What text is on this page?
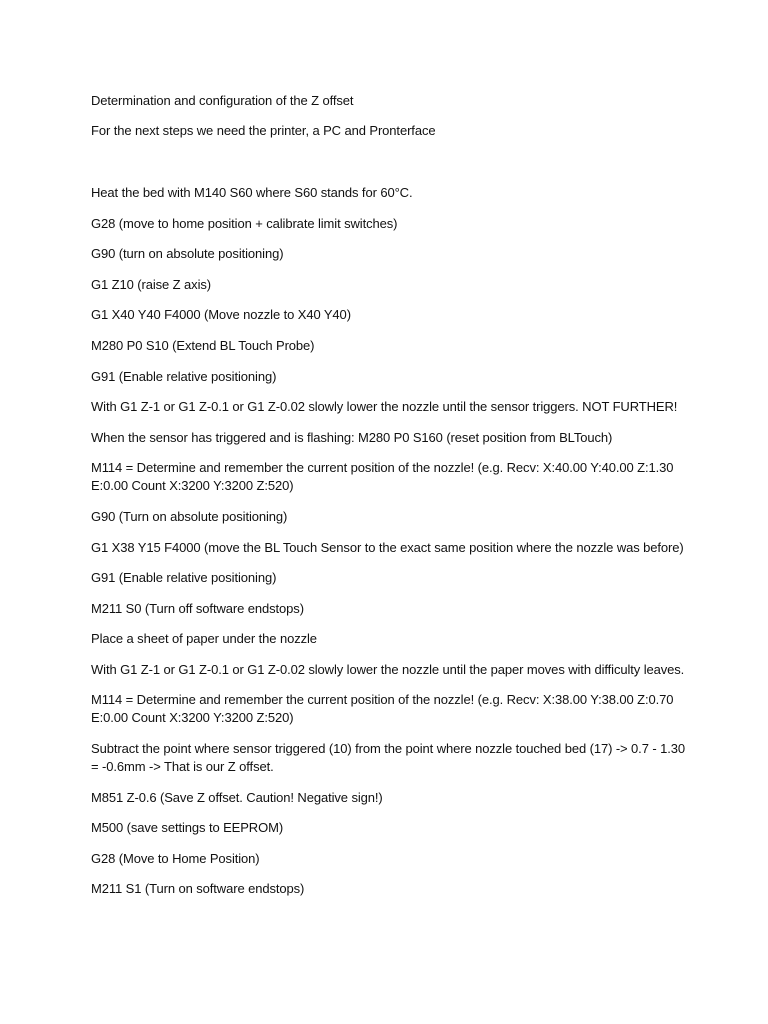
Determination and configuration of the Z offset

For the next steps we need the printer, a PC and Pronterface

Heat the bed with M140 S60 where S60 stands for 60°C.

G28 (move to home position + calibrate limit switches)

G90 (turn on absolute positioning)

G1 Z10 (raise Z axis)

G1 X40 Y40 F4000 (Move nozzle to X40 Y40)

M280 P0 S10 (Extend BL Touch Probe)

G91 (Enable relative positioning)

With G1 Z-1 or G1 Z-0.1 or G1 Z-0.02 slowly lower the nozzle until the sensor triggers. NOT FURTHER!

When the sensor has triggered and is flashing: M280 P0 S160 (reset position from BLTouch)

M114 = Determine and remember the current position of the nozzle! (e.g. Recv: X:40.00 Y:40.00 Z:1.30 E:0.00 Count X:3200 Y:3200 Z:520)

G90 (Turn on absolute positioning)

G1 X38 Y15 F4000 (move the BL Touch Sensor to the exact same position where the nozzle was before)

G91 (Enable relative positioning)

M211 S0 (Turn off software endstops)

Place a sheet of paper under the nozzle

With G1 Z-1 or G1 Z-0.1 or G1 Z-0.02 slowly lower the nozzle until the paper moves with difficulty leaves.

M114 = Determine and remember the current position of the nozzle! (e.g. Recv: X:38.00 Y:38.00 Z:0.70 E:0.00 Count X:3200 Y:3200 Z:520)

Subtract the point where sensor triggered (10) from the point where nozzle touched bed (17) -> 0.7 - 1.30 = -0.6mm -> That is our Z offset.

M851 Z-0.6 (Save Z offset. Caution! Negative sign!)

M500 (save settings to EEPROM)

G28 (Move to Home Position)

M211 S1 (Turn on software endstops)
